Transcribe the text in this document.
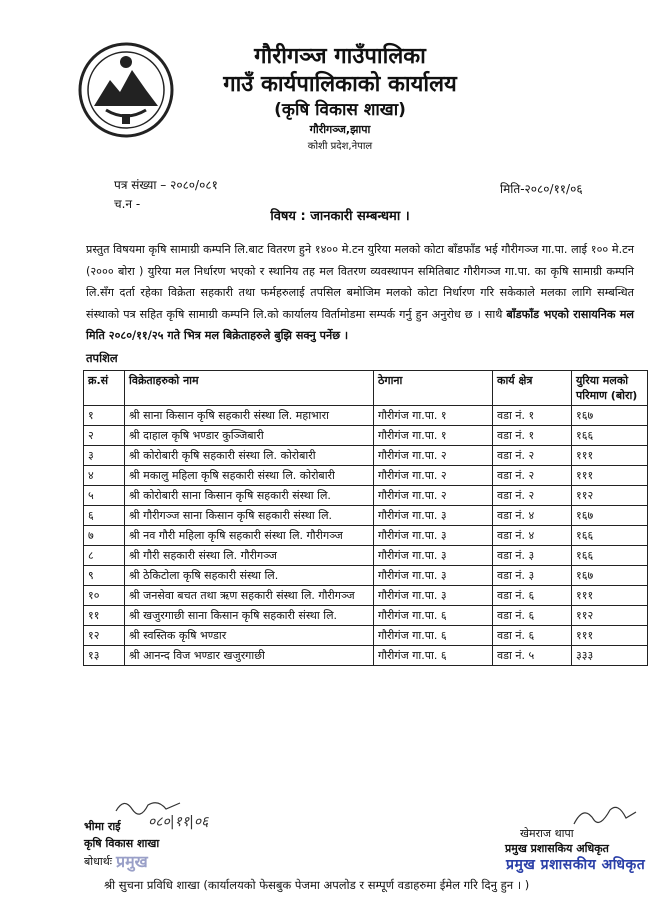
गौरीगञ्ज गाउँपालिका
गाउँ कार्यपालिकाको कार्यालय
(कृषि विकास शाखा)
गौरीगञ्ज,झापा
कोशी प्रदेश,नेपाल
पत्र संख्या – २०८०/०८१
च.न -
मिति-२०८०/११/०६
विषय : जानकारी सम्बन्धमा ।
प्रस्तुत विषयमा कृषि सामाग्री कम्पनि लि.बाट वितरण हुने १४०० मे.टन युरिया मलको कोटा बाँडफाँड भई गौरीगञ्ज गा.पा. लाई १०० मे.टन (२००० बोरा ) युरिया मल निर्धारण भएको र स्थानिय तह मल वितरण व्यवस्थापन समितिबाट गौरीगञ्ज गा.पा. का कृषि सामाग्री कम्पनि लि.सँग दर्ता रहेका विक्रेता सहकारी तथा फर्महरुलाई तपसिल बमोजिम मलको कोटा निर्धारण गरि सकेकाले मलका लागि सम्बन्धित संस्थाको पत्र सहित कृषि सामाग्री कम्पनि लि.को कार्यालय विर्तामोडमा सम्पर्क गर्नु हुन अनुरोध छ । साथै बाँडफाँड भएको रासायनिक मल मिति २०८०/११/२५ गते भित्र मल बिक्रेताहरुले बुझि सक्नु पर्नेछ ।
तपशिल
क्र.सं	विक्रेताहरुको नाम	ठेगाना	कार्य क्षेत्र	युरिया मलको परिमाण (बोरा)
१	श्री साना किसान कृषि सहकारी संस्था लि. महाभारा	गौरीगंज गा.पा. १	वडा नं. १	१६७
२	श्री दाहाल कृषि भण्डार कुञ्जिबारी	गौरीगंज गा.पा. १	वडा नं. १	१६६
३	श्री कोरोबारी कृषि सहकारी संस्था लि. कोरोबारी	गौरीगंज गा.पा. २	वडा नं. २	१११
४	श्री मकालु महिला कृषि सहकारी संस्था लि. कोरोबारी	गौरीगंज गा.पा. २	वडा नं. २	१११
५	श्री कोरोबारी साना किसान कृषि सहकारी संस्था लि.	गौरीगंज गा.पा. २	वडा नं. २	११२
६	श्री गौरीगञ्ज साना किसान कृषि सहकारी संस्था लि.	गौरीगंज गा.पा. ३	वडा नं. ४	१६७
७	श्री नव गौरी महिला कृषि सहकारी संस्था लि. गौरीगञ्ज	गौरीगंज गा.पा. ३	वडा नं. ४	१६६
८	श्री गौरी सहकारी संस्था लि. गौरीगञ्ज	गौरीगंज गा.पा. ३	वडा नं. ३	१६६
९	श्री ठेकिटोला कृषि सहकारी संस्था लि.	गौरीगंज गा.पा. ३	वडा नं. ३	१६७
१०	श्री जनसेवा बचत तथा ऋण सहकारी संस्था लि. गौरीगञ्ज	गौरीगंज गा.पा. ३	वडा नं. ६	१११
११	श्री खजुरगाछी साना किसान कृषि सहकारी संस्था लि.	गौरीगंज गा.पा. ६	वडा नं. ६	११२
१२	श्री स्वस्तिक कृषि भण्डार	गौरीगंज गा.पा. ६	वडा नं. ६	१११
१३	श्री आनन्द विज भण्डार खजुरगाछी	गौरीगंज गा.पा. ६	वडा नं. ५	३३३
०८०|११|०६
भीमा राई
कृषि विकास शाखा
बोधार्थः प्रमुख
खेमराज थापा
प्रमुख प्रशासकिय अधिकृत
प्रमुख प्रशासकीय अधिकृत
श्री सुचना प्रविधि शाखा (कार्यालयको फेसबुक पेजमा अपलोड र सम्पूर्ण वडाहरुमा ईमेल गरि दिनु हुन । )
